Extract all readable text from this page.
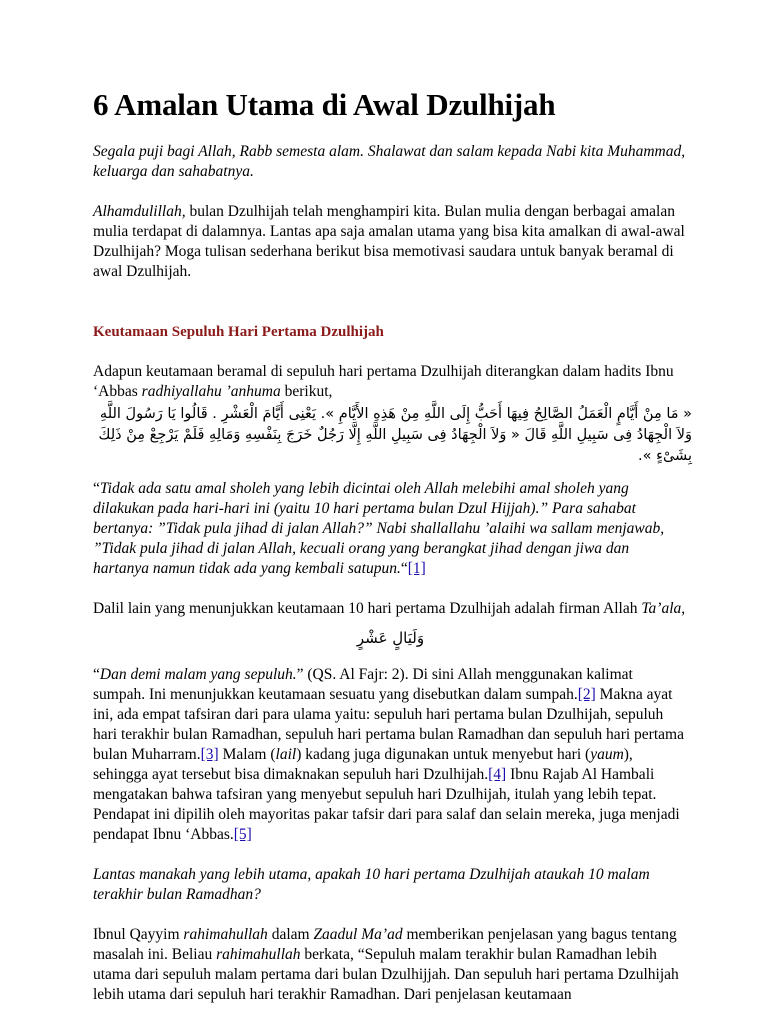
6 Amalan Utama di Awal Dzulhijah

Segala puji bagi Allah, Rabb semesta alam. Shalawat dan salam kepada Nabi kita Muhammad, keluarga dan sahabatnya.

Alhamdulillah, bulan Dzulhijah telah menghampiri kita. Bulan mulia dengan berbagai amalan mulia terdapat di dalamnya. Lantas apa saja amalan utama yang bisa kita amalkan di awal-awal Dzulhijah? Moga tulisan sederhana berikut bisa memotivasi saudara untuk banyak beramal di awal Dzulhijah.

Keutamaan Sepuluh Hari Pertama Dzulhijah

Adapun keutamaan beramal di sepuluh hari pertama Dzulhijah diterangkan dalam hadits Ibnu ‘Abbas radhiyallahu ’anhuma berikut,

« مَا مِنْ أَيَّامٍ الْعَمَلُ الصَّالِحُ فِيهَا أَحَبُّ إِلَى اللَّهِ مِنْ هَذِهِ الأَيَّامِ ». يَعْنِى أَيَّامَ الْعَشْرِ . قَالُوا يَا رَسُولَ اللَّهِ وَلاَ الْجِهَادُ فِى سَبِيلِ اللَّهِ قَالَ « وَلاَ الْجِهَادُ فِى سَبِيلِ اللَّهِ إِلَّا رَجُلٌ خَرَجَ بِنَفْسِهِ وَمَالِهِ فَلَمْ يَرْجِعْ مِنْ ذَلِكَ بِشَىْءٍ ».

“Tidak ada satu amal sholeh yang lebih dicintai oleh Allah melebihi amal sholeh yang dilakukan pada hari-hari ini (yaitu 10 hari pertama bulan Dzul Hijjah).” Para sahabat bertanya: ”Tidak pula jihad di jalan Allah?” Nabi shallallahu ’alaihi wa sallam menjawab, ”Tidak pula jihad di jalan Allah, kecuali orang yang berangkat jihad dengan jiwa dan hartanya namun tidak ada yang kembali satupun.“[1]

Dalil lain yang menunjukkan keutamaan 10 hari pertama Dzulhijah adalah firman Allah Ta’ala,

وَلَيَالٍ عَشْرٍ

“Dan demi malam yang sepuluh.” (QS. Al Fajr: 2). Di sini Allah menggunakan kalimat sumpah. Ini menunjukkan keutamaan sesuatu yang disebutkan dalam sumpah.[2] Makna ayat ini, ada empat tafsiran dari para ulama yaitu: sepuluh hari pertama bulan Dzulhijah, sepuluh hari terakhir bulan Ramadhan, sepuluh hari pertama bulan Ramadhan dan sepuluh hari pertama bulan Muharram.[3] Malam (lail) kadang juga digunakan untuk menyebut hari (yaum), sehingga ayat tersebut bisa dimaknakan sepuluh hari Dzulhijah.[4] Ibnu Rajab Al Hambali mengatakan bahwa tafsiran yang menyebut sepuluh hari Dzulhijah, itulah yang lebih tepat. Pendapat ini dipilih oleh mayoritas pakar tafsir dari para salaf dan selain mereka, juga menjadi pendapat Ibnu ‘Abbas.[5]

Lantas manakah yang lebih utama, apakah 10 hari pertama Dzulhijah ataukah 10 malam terakhir bulan Ramadhan?

Ibnul Qayyim rahimahullah dalam Zaadul Ma’ad memberikan penjelasan yang bagus tentang masalah ini. Beliau rahimahullah berkata, “Sepuluh malam terakhir bulan Ramadhan lebih utama dari sepuluh malam pertama dari bulan Dzulhijjah. Dan sepuluh hari pertama Dzulhijah lebih utama dari sepuluh hari terakhir Ramadhan. Dari penjelasan keutamaan
